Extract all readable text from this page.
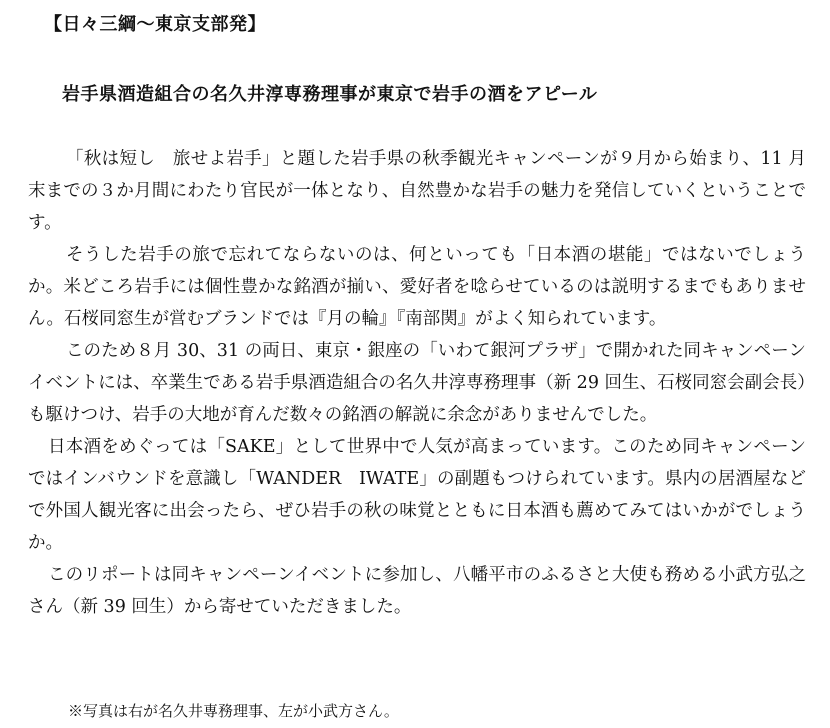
【日々三綱〜東京支部発】
岩手県酒造組合の名久井淳専務理事が東京で岩手の酒をアピール

「秋は短し　旅せよ岩手」と題した岩手県の秋季観光キャンペーンが９月から始まり、11 月末までの３か月間にわたり官民が一体となり、自然豊かな岩手の魅力を発信していくということです。

そうした岩手の旅で忘れてならないのは、何といっても「日本酒の堪能」ではないでしょうか。米どころ岩手には個性豊かな銘酒が揃い、愛好者を唸らせているのは説明するまでもありません。石桜同窓生が営むブランドでは『月の輪』『南部関』がよく知られています。

このため８月 30、31 の両日、東京・銀座の「いわて銀河プラザ」で開かれた同キャンペーンイベントには、卒業生である岩手県酒造組合の名久井淳専務理事（新 29 回生、石桜同窓会副会長）も駆けつけ、岩手の大地が育んだ数々の銘酒の解説に余念がありませんでした。

日本酒をめぐっては「SAKE」として世界中で人気が高まっています。このため同キャンペーンではインバウンドを意識し「WANDER　IWATE」の副題もつけられています。県内の居酒屋などで外国人観光客に出会ったら、ぜひ岩手の秋の味覚とともに日本酒も薦めてみてはいかがでしょうか。

このリポートは同キャンペーンイベントに参加し、八幡平市のふるさと大使も務める小武方弘之さん（新 39 回生）から寄せていただきました。

※写真は右が名久井専務理事、左が小武方さん。
